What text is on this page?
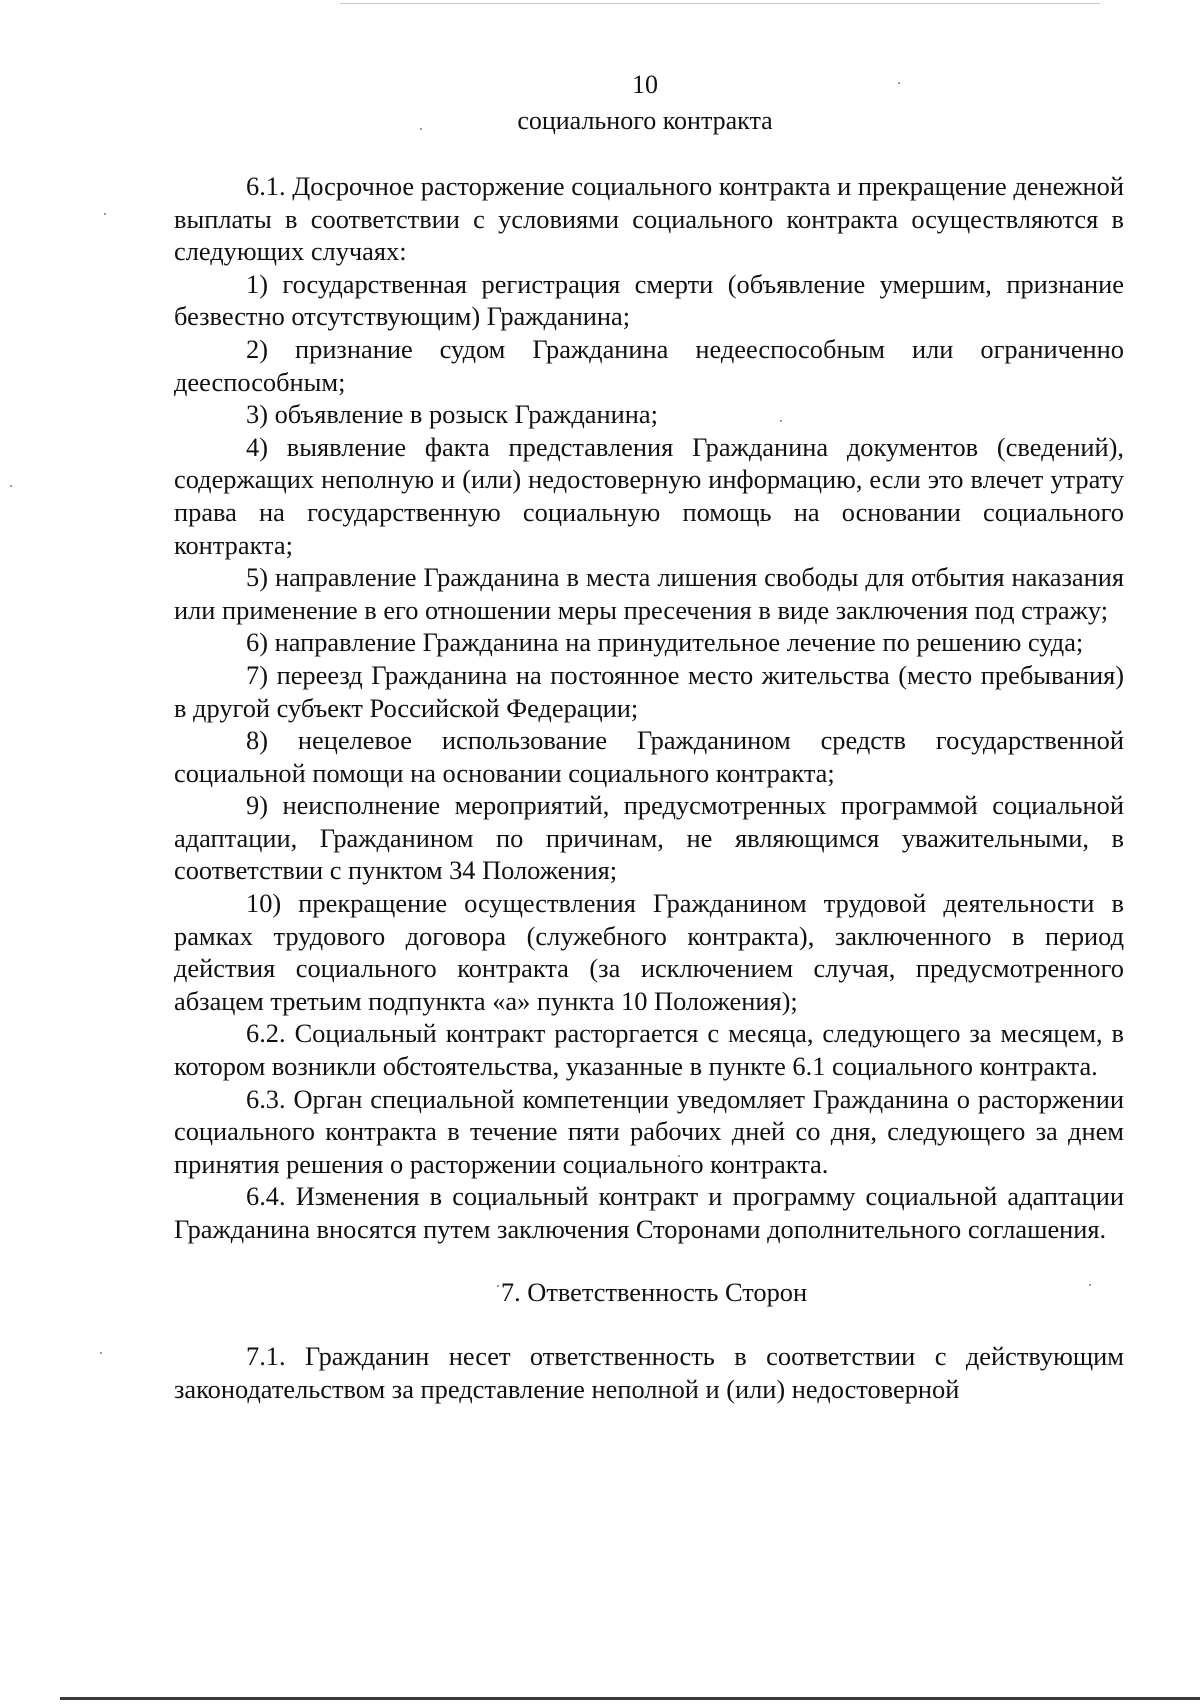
10
социального контракта

6.1. Досрочное расторжение социального контракта и прекращение денежной выплаты в соответствии с условиями социального контракта осуществляются в следующих случаях:

1) государственная регистрация смерти (объявление умершим, признание безвестно отсутствующим) Гражданина;

2) признание судом Гражданина недееспособным или ограниченно дееспособным;

3) объявление в розыск Гражданина;

4) выявление факта представления Гражданина документов (сведений), содержащих неполную и (или) недостоверную информацию, если это влечет утрату права на государственную социальную помощь на основании социального контракта;

5) направление Гражданина в места лишения свободы для отбытия наказания или применение в его отношении меры пресечения в виде заключения под стражу;

6) направление Гражданина на принудительное лечение по решению суда;

7) переезд Гражданина на постоянное место жительства (место пребывания) в другой субъект Российской Федерации;

8) нецелевое использование Гражданином средств государственной социальной помощи на основании социального контракта;

9) неисполнение мероприятий, предусмотренных программой социальной адаптации, Гражданином по причинам, не являющимся уважительными, в соответствии с пунктом 34 Положения;

10) прекращение осуществления Гражданином трудовой деятельности в рамках трудового договора (служебного контракта), заключенного в период действия социального контракта (за исключением случая, предусмотренного абзацем третьим подпункта «а» пункта 10 Положения);

6.2. Социальный контракт расторгается с месяца, следующего за месяцем, в котором возникли обстоятельства, указанные в пункте 6.1 социального контракта.

6.3. Орган специальной компетенции уведомляет Гражданина о расторжении социального контракта в течение пяти рабочих дней со дня, следующего за днем принятия решения о расторжении социального контракта.

6.4. Изменения в социальный контракт и программу социальной адаптации Гражданина вносятся путем заключения Сторонами дополнительного соглашения.

7. Ответственность Сторон

7.1. Гражданин несет ответственность в соответствии с действующим законодательством за представление неполной и (или) недостоверной
